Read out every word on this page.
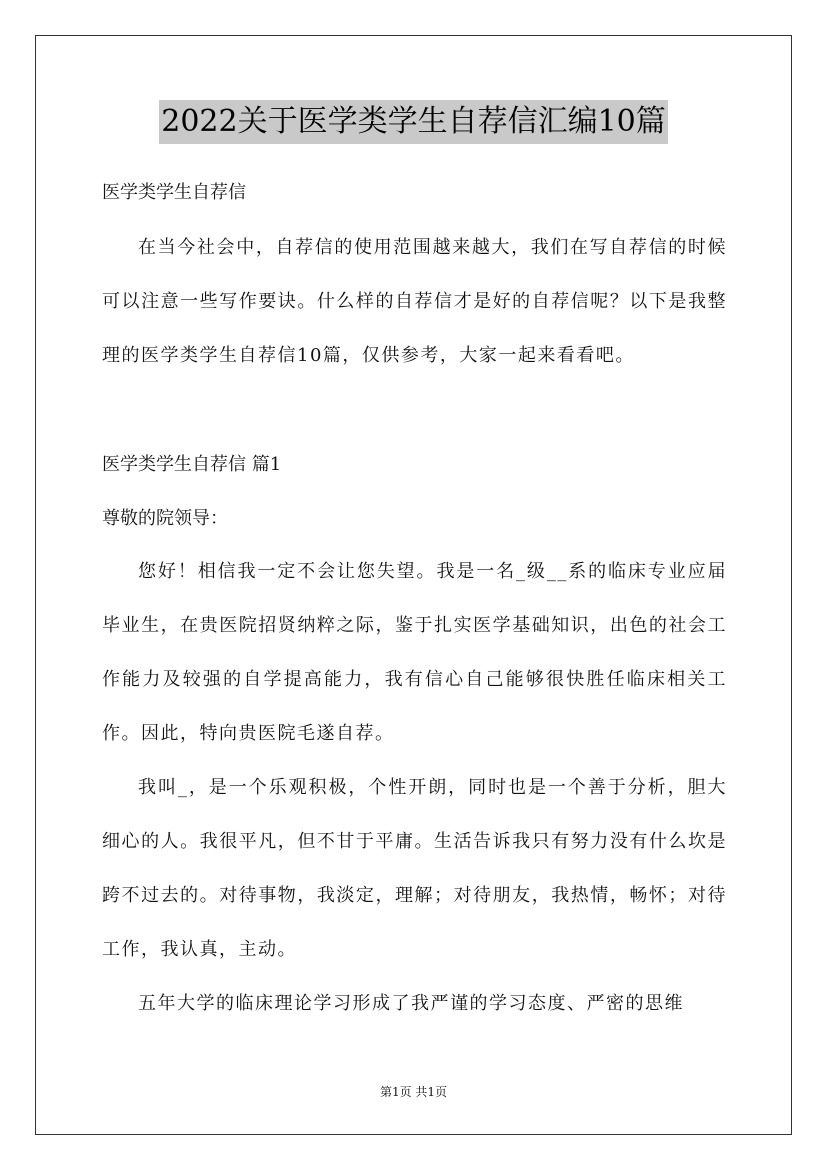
2022关于医学类学生自荐信汇编10篇
医学类学生自荐信
在当今社会中，自荐信的使用范围越来越大，我们在写自荐信的时候可以注意一些写作要诀。什么样的自荐信才是好的自荐信呢？以下是我整理的医学类学生自荐信10篇，仅供参考，大家一起来看看吧。
医学类学生自荐信 篇1
尊敬的院领导：
您好！相信我一定不会让您失望。我是一名_级__系的临床专业应届毕业生，在贵医院招贤纳粹之际，鉴于扎实医学基础知识，出色的社会工作能力及较强的自学提高能力，我有信心自己能够很快胜任临床相关工作。因此，特向贵医院毛遂自荐。
我叫_，是一个乐观积极，个性开朗，同时也是一个善于分析，胆大细心的人。我很平凡，但不甘于平庸。生活告诉我只有努力没有什么坎是跨不过去的。对待事物，我淡定，理解；对待朋友，我热情，畅怀；对待工作，我认真，主动。
五年大学的临床理论学习形成了我严谨的学习态度、严密的思维
第1页 共1页
